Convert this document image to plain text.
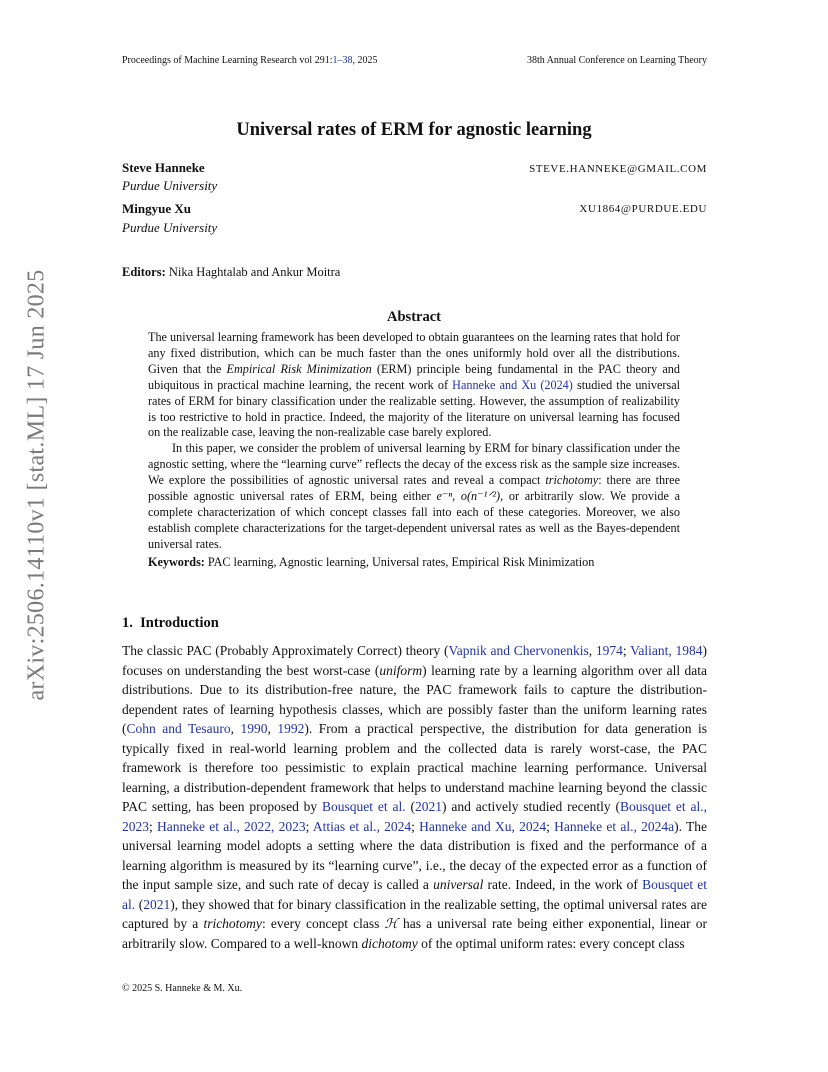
Proceedings of Machine Learning Research vol 291:1–38, 2025	38th Annual Conference on Learning Theory
Universal rates of ERM for agnostic learning
Steve Hanneke
Purdue University
STEVE.HANNEKE@GMAIL.COM
Mingyue Xu
Purdue University
XU1864@PURDUE.EDU
Editors: Nika Haghtalab and Ankur Moitra
Abstract

The universal learning framework has been developed to obtain guarantees on the learning rates that hold for any fixed distribution, which can be much faster than the ones uniformly hold over all the distributions. Given that the Empirical Risk Minimization (ERM) principle being fundamental in the PAC theory and ubiquitous in practical machine learning, the recent work of Hanneke and Xu (2024) studied the universal rates of ERM for binary classification under the realizable setting. However, the assumption of realizability is too restrictive to hold in practice. Indeed, the majority of the literature on universal learning has focused on the realizable case, leaving the non-realizable case barely explored.

In this paper, we consider the problem of universal learning by ERM for binary classification under the agnostic setting, where the “learning curve” reflects the decay of the excess risk as the sample size increases. We explore the possibilities of agnostic universal rates and reveal a compact trichotomy: there are three possible agnostic universal rates of ERM, being either e⁻ⁿ, o(n⁻¹ᐟ²), or arbitrarily slow. We provide a complete characterization of which concept classes fall into each of these categories. Moreover, we also establish complete characterizations for the target-dependent universal rates as well as the Bayes-dependent universal rates.

Keywords: PAC learning, Agnostic learning, Universal rates, Empirical Risk Minimization

1. Introduction

The classic PAC (Probably Approximately Correct) theory (Vapnik and Chervonenkis, 1974; Valiant, 1984) focuses on understanding the best worst-case (uniform) learning rate by a learning algorithm over all data distributions. Due to its distribution-free nature, the PAC framework fails to capture the distribution-dependent rates of learning hypothesis classes, which are possibly faster than the uniform learning rates (Cohn and Tesauro, 1990, 1992). From a practical perspective, the distribution for data generation is typically fixed in real-world learning problem and the collected data is rarely worst-case, the PAC framework is therefore too pessimistic to explain practical machine learning performance. Universal learning, a distribution-dependent framework that helps to understand machine learning beyond the classic PAC setting, has been proposed by Bousquet et al. (2021) and actively studied recently (Bousquet et al., 2023; Hanneke et al., 2022, 2023; Attias et al., 2024; Hanneke and Xu, 2024; Hanneke et al., 2024a). The universal learning model adopts a setting where the data distribution is fixed and the performance of a learning algorithm is measured by its “learning curve”, i.e., the decay of the expected error as a function of the input sample size, and such rate of decay is called a universal rate. Indeed, in the work of Bousquet et al. (2021), they showed that for binary classification in the realizable setting, the optimal universal rates are captured by a trichotomy: every concept class ℋ has a universal rate being either exponential, linear or arbitrarily slow. Compared to a well-known dichotomy of the optimal uniform rates: every concept class

© 2025 S. Hanneke & M. Xu.
arXiv:2506.14110v1 [stat.ML] 17 Jun 2025
